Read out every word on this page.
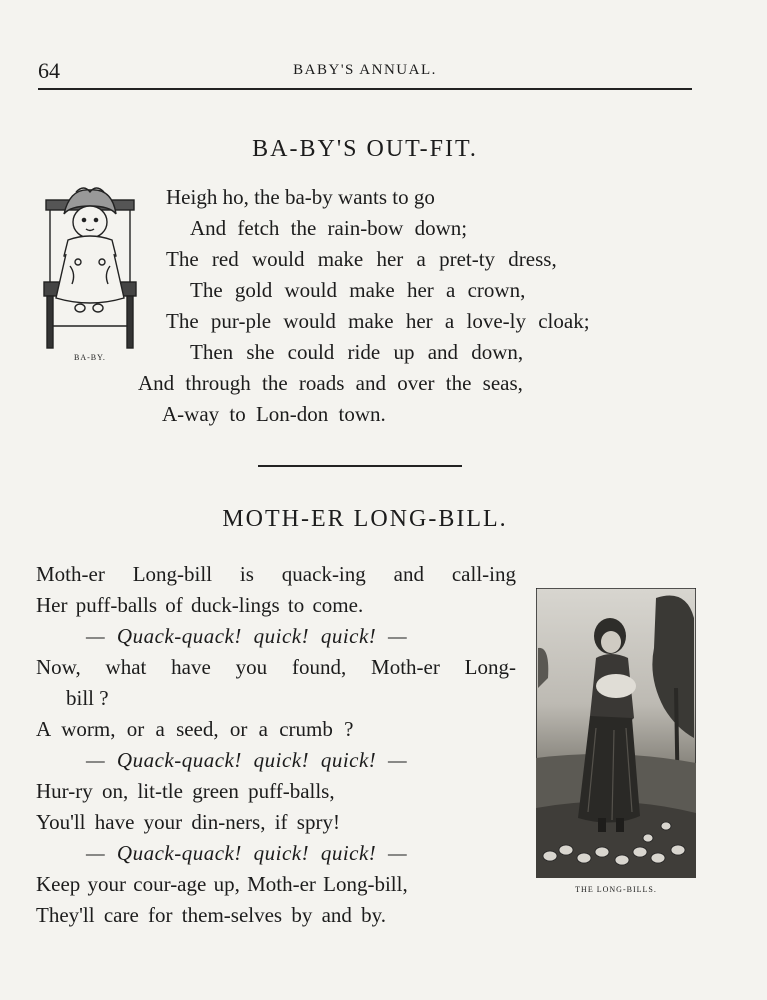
64	BABY'S ANNUAL.
BA-BY'S OUT-FIT.
BA-BY.
Heigh ho, the ba-by wants to go
And fetch the rain-bow down;
The red would make her a pret-ty dress,
The gold would make her a crown,
The pur-ple would make her a love-ly cloak;
Then she could ride up and down,
And through the roads and over the seas,
A-way to Lon-don town.
MOTH-ER LONG-BILL.
Moth-er Long-bill is quack-ing and call-ing
Her puff-balls of duck-lings to come.
— Quack-quack! quick! quick! —
Now, what have you found, Moth-er Long-
bill ?
A worm, or a seed, or a crumb ?
— Quack-quack! quick! quick! —
Hur-ry on, lit-tle green puff-balls,
You'll have your din-ners, if spry!
— Quack-quack! quick! quick! —
Keep your cour-age up, Moth-er Long-bill,
They'll care for them-selves by and by.
THE LONG-BILLS.
